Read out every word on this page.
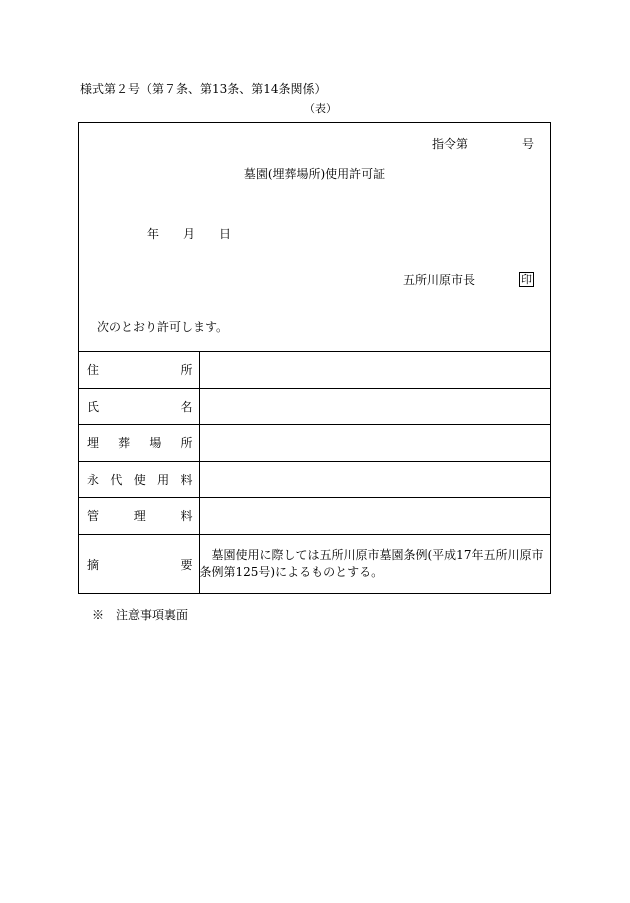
様式第２号（第７条、第13条、第14条関係）
（表）
指令第	号
墓園(埋葬場所)使用許可証
年 月 日
五所川原市長	印
次のとおり許可します。
住 所	

氏 名	

埋 葬 場 所	

永 代 使 用 料	

管 理 料	

摘 要	墓園使用に際しては五所川原市墓園条例(平成17年五所川原市条例第125号)によるものとする。
※　注意事項裏面
